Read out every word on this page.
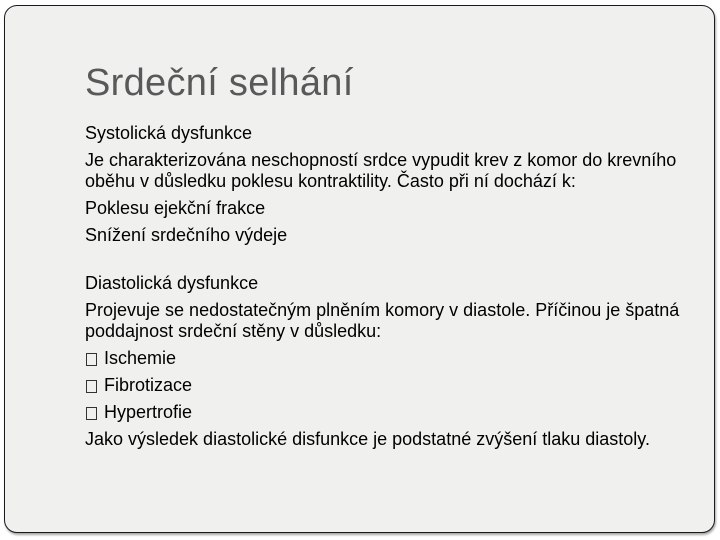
Srdeční selhání

Systolická dysfunkce

Je charakterizována neschopností srdce vypudit krev z komor do krevního oběhu v důsledku poklesu kontraktility. Často při ní dochází k:

Poklesu ejekční frakce

Snížení srdečního výdeje

Diastolická dysfunkce

Projevuje se nedostatečným plněním komory v diastole. Příčinou je špatná poddajnost srdeční stěny v důsledku:

Ischemie
Fibrotizace
Hypertrofie

Jako výsledek diastolické disfunkce je podstatné zvýšení tlaku diastoly.
